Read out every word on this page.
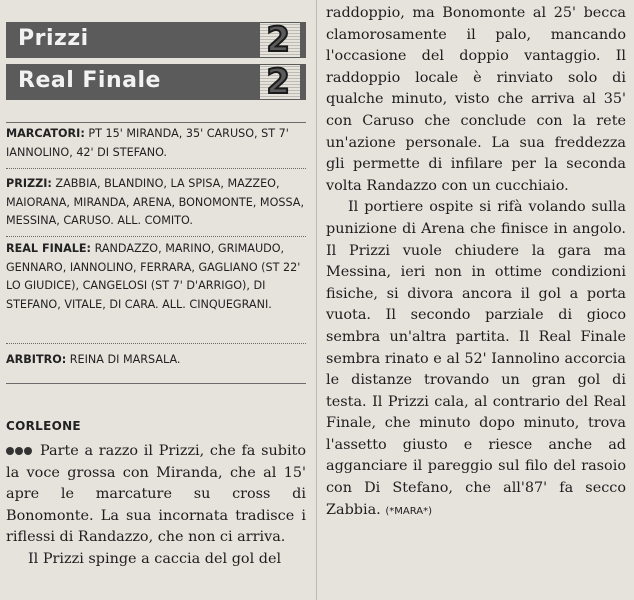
Prizzi	2
Real Finale	2
MARCATORI: PT 15' MIRANDA, 35' CARUSO, ST 7' IANNOLINO, 42' DI STEFANO.
PRIZZI: ZABBIA, BLANDINO, LA SPISA, MAZZEO, MAIORANA, MIRANDA, ARENA, BONOMONTE, MOSSA, MESSINA, CARUSO. ALL. COMITO.
REAL FINALE: RANDAZZO, MARINO, GRIMAUDO, GENNARO, IANNOLINO, FERRARA, GAGLIANO (ST 22' LO GIUDICE), CANGELOSI (ST 7' D'ARRIGO), DI STEFANO, VITALE, DI CARA. ALL. CINQUEGRANI.
ARBITRO: REINA DI MARSALA.
CORLEONE

Parte a razzo il Prizzi, che fa subito la voce grossa con Miranda, che al 15' apre le marcature su cross di Bonomonte. La sua incornata tradisce i riflessi di Randazzo, che non ci arriva.

Il Prizzi spinge a caccia del gol del

raddoppio, ma Bonomonte al 25' becca clamorosamente il palo, mancando l'occasione del doppio vantaggio. Il raddoppio locale è rinviato solo di qualche minuto, visto che arriva al 35' con Caruso che conclude con la rete un'azione personale. La sua freddezza gli permette di infilare per la seconda volta Randazzo con un cucchiaio.

Il portiere ospite si rifà volando sulla punizione di Arena che finisce in angolo. Il Prizzi vuole chiudere la gara ma Messina, ieri non in ottime condizioni fisiche, si divora ancora il gol a porta vuota. Il secondo parziale di gioco sembra un'altra partita. Il Real Finale sembra rinato e al 52' Iannolino accorcia le distanze trovando un gran gol di testa. Il Prizzi cala, al contrario del Real Finale, che minuto dopo minuto, trova l'assetto giusto e riesce anche ad agganciare il pareggio sul filo del rasoio con Di Stefano, che all'87' fa secco Zabbia. (*MARA*)
